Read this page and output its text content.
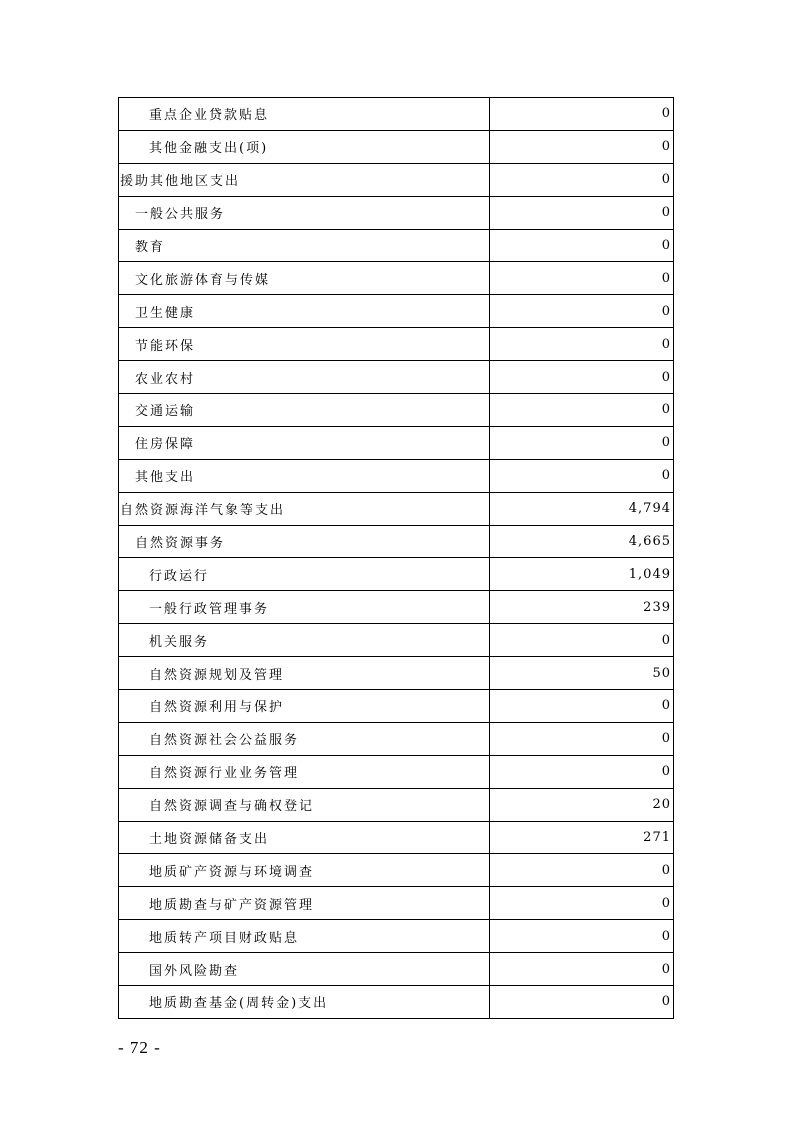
重点企业贷款贴息	0
其他金融支出(项)	0
援助其他地区支出	0
一般公共服务	0
教育	0
文化旅游体育与传媒	0
卫生健康	0
节能环保	0
农业农村	0
交通运输	0
住房保障	0
其他支出	0
自然资源海洋气象等支出	4,794
自然资源事务	4,665
行政运行	1,049
一般行政管理事务	239
机关服务	0
自然资源规划及管理	50
自然资源利用与保护	0
自然资源社会公益服务	0
自然资源行业业务管理	0
自然资源调查与确权登记	20
土地资源储备支出	271
地质矿产资源与环境调查	0
地质勘查与矿产资源管理	0
地质转产项目财政贴息	0
国外风险勘查	0
地质勘查基金(周转金)支出	0
- 72 -
